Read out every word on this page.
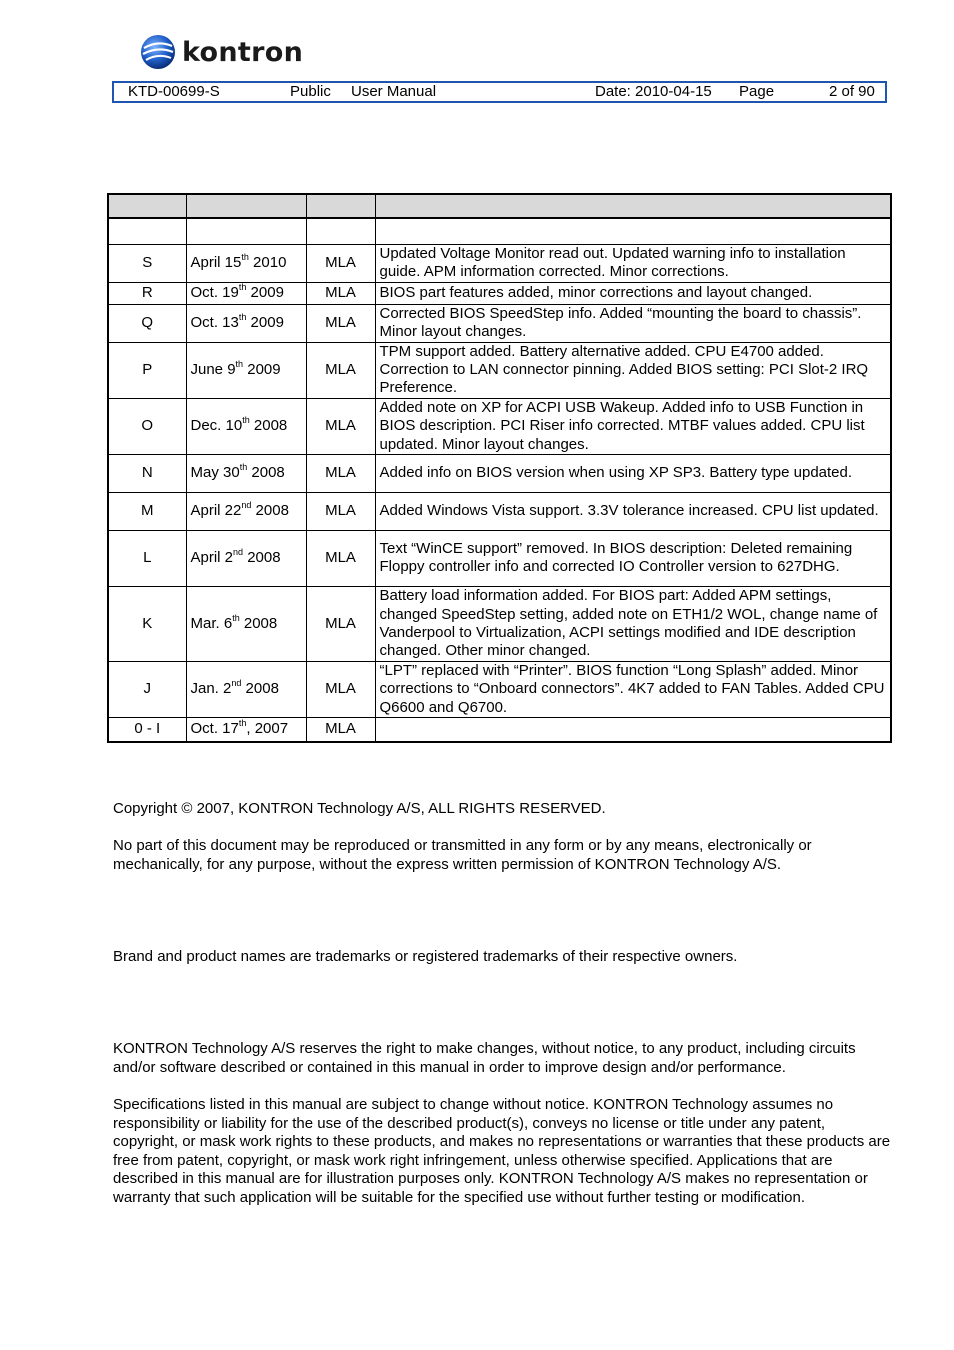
kontron
KTD-00699-S	Public User Manual	Date: 2010-04-15 Page	2 of 90

S	April 15th 2010	MLA	Updated Voltage Monitor read out. Updated warning info to installation guide. APM information corrected. Minor corrections.
R	Oct. 19th 2009	MLA	BIOS part features added, minor corrections and layout changed.
Q	Oct. 13th 2009	MLA	Corrected BIOS SpeedStep info. Added “mounting the board to chassis”. Minor layout changes.
P	June 9th 2009	MLA	TPM support added. Battery alternative added. CPU E4700 added. Correction to LAN connector pinning. Added BIOS setting: PCI Slot-2 IRQ Preference.
O	Dec. 10th 2008	MLA	Added note on XP for ACPI USB Wakeup. Added info to USB Function in BIOS description. PCI Riser info corrected. MTBF values added. CPU list updated. Minor layout changes.
N	May 30th 2008	MLA	Added info on BIOS version when using XP SP3. Battery type updated.
M	April 22nd 2008	MLA	Added Windows Vista support. 3.3V tolerance increased. CPU list updated.
L	April 2nd 2008	MLA	Text “WinCE support” removed. In BIOS description: Deleted remaining Floppy controller info and corrected IO Controller version to 627DHG.
K	Mar. 6th 2008	MLA	Battery load information added. For BIOS part: Added APM settings, changed SpeedStep setting, added note on ETH1/2 WOL, change name of Vanderpool to Virtualization, ACPI settings modified and IDE description changed. Other minor changed.
J	Jan. 2nd 2008	MLA	“LPT” replaced with “Printer”. BIOS function “Long Splash” added. Minor corrections to “Onboard connectors”. 4K7 added to FAN Tables. Added CPU Q6600 and Q6700.
0 - I	Oct. 17th, 2007	MLA	
Copyright © 2007, KONTRON Technology A/S, ALL RIGHTS RESERVED.
No part of this document may be reproduced or transmitted in any form or by any means, electronically or mechanically, for any purpose, without the express written permission of KONTRON Technology A/S.
Brand and product names are trademarks or registered trademarks of their respective owners.
KONTRON Technology A/S reserves the right to make changes, without notice, to any product, including circuits and/or software described or contained in this manual in order to improve design and/or performance.
Specifications listed in this manual are subject to change without notice. KONTRON Technology assumes no responsibility or liability for the use of the described product(s), conveys no license or title under any patent, copyright, or mask work rights to these products, and makes no representations or warranties that these products are free from patent, copyright, or mask work right infringement, unless otherwise specified. Applications that are described in this manual are for illustration purposes only. KONTRON Technology A/S makes no representation or warranty that such application will be suitable for the specified use without further testing or modification.
